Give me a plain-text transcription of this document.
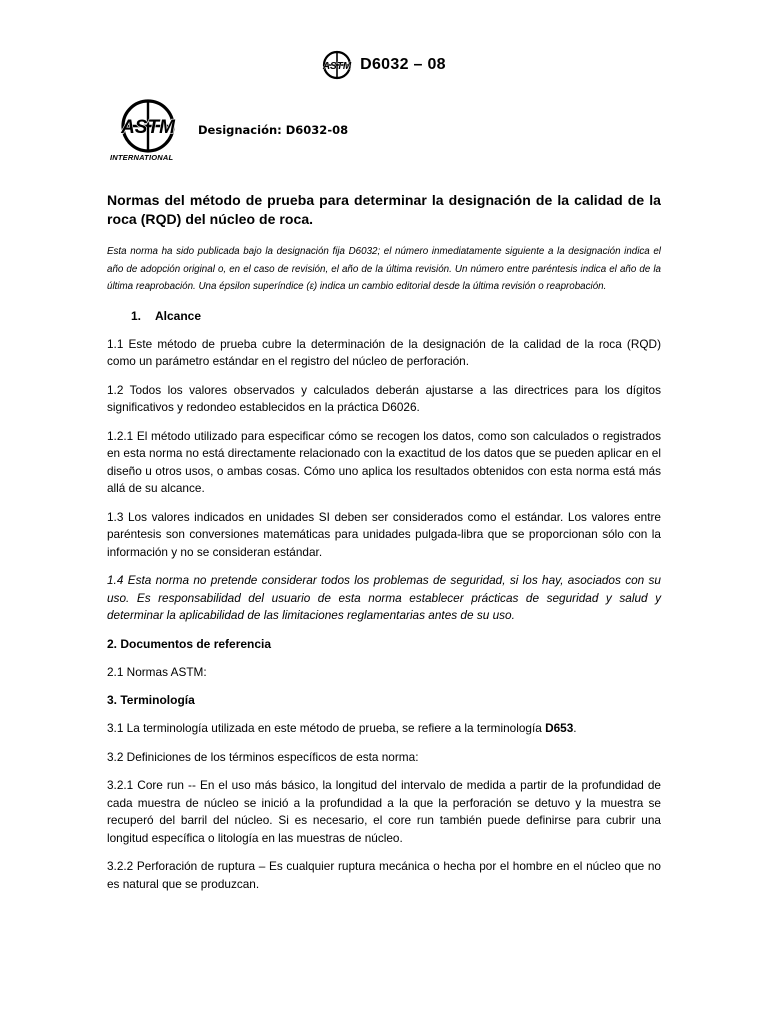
ASTM D6032 – 08
ASTM
INTERNATIONAL
Designación: D6032-08
Normas del método de prueba para determinar la designación de la calidad de la roca (RQD) del núcleo de roca.

Esta norma ha sido publicada bajo la designación fija D6032; el número inmediatamente siguiente a la designación indica el año de adopción original o, en el caso de revisión, el año de la última revisión. Un número entre paréntesis indica el año de la última reaprobación. Una épsilon superíndice (ε) indica un cambio editorial desde la última revisión o reaprobación.

1. Alcance

1.1 Este método de prueba cubre la determinación de la designación de la calidad de la roca (RQD) como un parámetro estándar en el registro del núcleo de perforación.

1.2 Todos los valores observados y calculados deberán ajustarse a las directrices para los dígitos significativos y redondeo establecidos en la práctica D6026.

1.2.1 El método utilizado para especificar cómo se recogen los datos, como son calculados o registrados en esta norma no está directamente relacionado con la exactitud de los datos que se pueden aplicar en el diseño u otros usos, o ambas cosas. Cómo uno aplica los resultados obtenidos con esta norma está más allá de su alcance.

1.3 Los valores indicados en unidades SI deben ser considerados como el estándar. Los valores entre paréntesis son conversiones matemáticas para unidades pulgada-libra que se proporcionan sólo con la información y no se consideran estándar.

1.4 Esta norma no pretende considerar todos los problemas de seguridad, si los hay, asociados con su uso. Es responsabilidad del usuario de esta norma establecer prácticas de seguridad y salud y determinar la aplicabilidad de las limitaciones reglamentarias antes de su uso.

2. Documentos de referencia

2.1 Normas ASTM:

3. Terminología

3.1 La terminología utilizada en este método de prueba, se refiere a la terminología D653.

3.2 Definiciones de los términos específicos de esta norma:

3.2.1 Core run -- En el uso más básico, la longitud del intervalo de medida a partir de la profundidad de cada muestra de núcleo se inició a la profundidad a la que la perforación se detuvo y la muestra se recuperó del barril del núcleo. Si es necesario, el core run también puede definirse para cubrir una longitud específica o litología en las muestras de núcleo.

3.2.2 Perforación de ruptura – Es cualquier ruptura mecánica o hecha por el hombre en el núcleo que no es natural que se produzcan.
